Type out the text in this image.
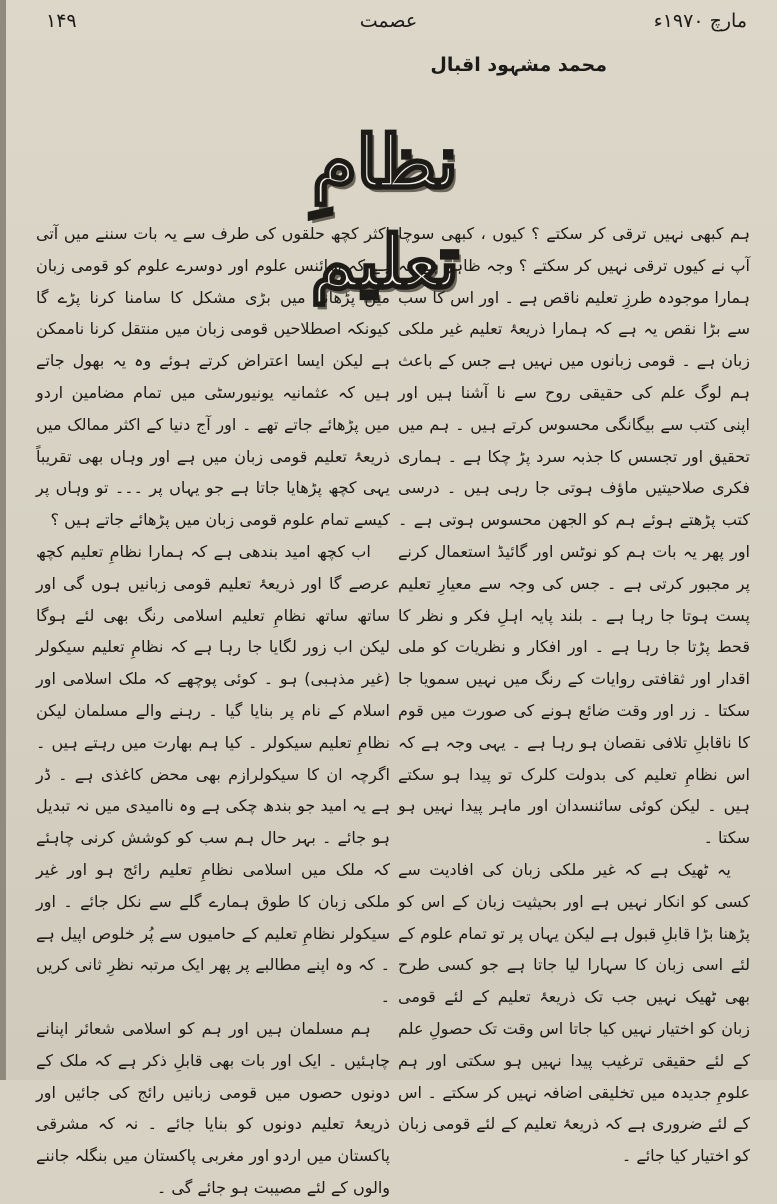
۱۴۹	عصمت	مارچ ۱۹۷۰ء
محمد مشہود اقبال
نظامِ تعلیم

ہم کبھی نہیں ترقی کر سکتے ؟ کیوں ، کبھی سوچا آپ نے کیوں ترقی نہیں کر سکتے ؟ وجہ ظاہر ہے کہ ہمارا موجودہ طرزِ تعلیم ناقص ہے ۔ اور اس کا سب سے بڑا نقص یہ ہے کہ ہمارا ذریعۂ تعلیم غیر ملکی زبان ہے ۔ قومی زبانوں میں نہیں ہے جس کے باعث ہم لوگ علم کی حقیقی روح سے نا آشنا ہیں اور اپنی کتب سے بیگانگی محسوس کرتے ہیں ۔ ہم میں تحقیق اور تجسس کا جذبہ سرد پڑ چکا ہے ۔ ہماری فکری صلاحیتیں ماؤف ہوتی جا رہی ہیں ۔ درسی کتب پڑھتے ہوئے ہم کو الجھن محسوس ہوتی ہے ۔ اور پھر یہ بات ہم کو نوٹس اور گائیڈ استعمال کرنے پر مجبور کرتی ہے ۔ جس کی وجہ سے معیارِ تعلیم پست ہوتا جا رہا ہے ۔ بلند پایہ اہلِ فکر و نظر کا قحط پڑتا جا رہا ہے ۔ اور افکار و نظریات کو ملی اقدار اور ثقافتی روایات کے رنگ میں نہیں سمویا جا سکتا ۔ زر اور وقت ضائع ہونے کی صورت میں قوم کا ناقابلِ تلافی نقصان ہو رہا ہے ۔ یہی وجہ ہے کہ اس نظامِ تعلیم کی بدولت کلرک تو پیدا ہو سکتے ہیں ۔ لیکن کوئی سائنسدان اور ماہر پیدا نہیں ہو سکتا ۔

یہ ٹھیک ہے کہ غیر ملکی زبان کی افادیت سے کسی کو انکار نہیں ہے اور بحیثیت زبان کے اس کو پڑھنا بڑا قابلِ قبول ہے لیکن یہاں پر تو تمام علوم کے لئے اسی زبان کا سہارا لیا جاتا ہے جو کسی طرح بھی ٹھیک نہیں جب تک ذریعۂ تعلیم کے لئے قومی زبان کو اختیار نہیں کیا جاتا اس وقت تک حصولِ علم کے لئے حقیقی ترغیب پیدا نہیں ہو سکتی اور ہم علومِ جدیدہ میں تخلیقی اضافہ نہیں کر سکتے ۔ اس کے لئے ضروری ہے کہ ذریعۂ تعلیم کے لئے قومی زبان کو اختیار کیا جائے ۔

اکثر کچھ حلقوں کی طرف سے یہ بات سننے میں آتی ہے کہ سائنس علوم اور دوسرے علوم کو قومی زبان میں پڑھانے میں بڑی مشکل کا سامنا کرنا پڑے گا کیونکہ اصطلاحیں قومی زبان میں منتقل کرنا ناممکن ہے لیکن ایسا اعتراض کرتے ہوئے وہ یہ بھول جاتے ہیں کہ عثمانیہ یونیورسٹی میں تمام مضامین اردو میں پڑھائے جاتے تھے ۔ اور آج دنیا کے اکثر ممالک میں ذریعۂ تعلیم قومی زبان میں ہے اور وہاں بھی تقریباً یہی کچھ پڑھایا جاتا ہے جو یہاں پر ۔۔۔ تو وہاں پر کیسے تمام علوم قومی زبان میں پڑھائے جاتے ہیں ؟

اب کچھ امید بندھی ہے کہ ہمارا نظامِ تعلیم کچھ عرصے گا اور ذریعۂ تعلیم قومی زبانیں ہوں گی اور ساتھ ساتھ نظامِ تعلیم اسلامی رنگ بھی لئے ہوگا لیکن اب زور لگایا جا رہا ہے کہ نظامِ تعلیم سیکولر (غیر مذہبی) ہو ۔ کوئی پوچھے کہ ملک اسلامی اور اسلام کے نام پر بنایا گیا ۔ رہنے والے مسلمان لیکن نظامِ تعلیم سیکولر ۔ کیا ہم بھارت میں رہتے ہیں ۔ اگرچہ ان کا سیکولرازم بھی محض کاغذی ہے ۔ ڈر ہے یہ امید جو بندھ چکی ہے وہ ناامیدی میں نہ تبدیل ہو جائے ۔ بہر حال ہم سب کو کوشش کرنی چاہئے کہ ملک میں اسلامی نظامِ تعلیم رائج ہو اور غیر ملکی زبان کا طوق ہمارے گلے سے نکل جائے ۔ اور سیکولر نظامِ تعلیم کے حامیوں سے پُر خلوص اپیل ہے ۔ کہ وہ اپنے مطالبے پر پھر ایک مرتبہ نظرِ ثانی کریں ۔

ہم مسلمان ہیں اور ہم کو اسلامی شعائر اپنانے چاہئیں ۔ ایک اور بات بھی قابلِ ذکر ہے کہ ملک کے دونوں حصوں میں قومی زبانیں رائج کی جائیں اور ذریعۂ تعلیم دونوں کو بنایا جائے ۔ نہ کہ مشرقی پاکستان میں اردو اور مغربی پاکستان میں بنگلہ جاننے والوں کے لئے مصیبت ہو جائے گی ۔
